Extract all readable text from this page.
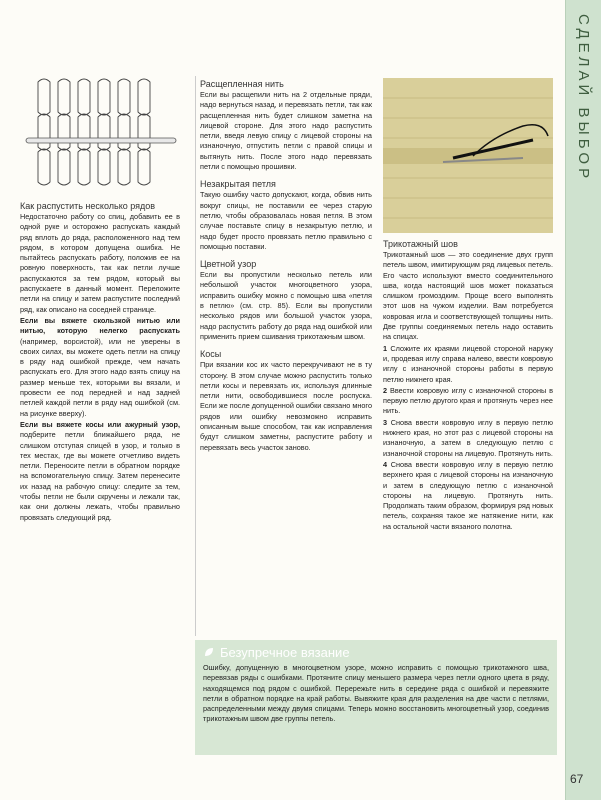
СДЕЛАЙ ВЫБОР

Как распустить несколько рядов

Недостаточно работу со спиц, добавить ее в одной руке и осторожно распускать каждый ряд вплоть до ряда, расположенного над тем рядом, в котором допущена ошибка. Не пытайтесь распускать работу, положив ее на ровную поверхность, так как петли лучше распускаются за тем рядом, который вы распускаете в данный момент. Переложите петли на спицу и затем распустите последний ряд, как описано на соседней странице.

Если вы вяжете скользкой нитью или нитью, которую нелегко распускать (например, ворсистой), или не уверены в своих силах, вы можете одеть петли на спицу в ряду над ошибкой прежде, чем начать распускать его. Для этого надо взять спицу на размер меньше тех, которыми вы вязали, и провести ее под передней и над задней петлей каждой петли в ряду над ошибкой (см. на рисунке вверху).

Если вы вяжете косы или ажурный узор, подберите петли ближайшего ряда, не слишком отступая спицей в узор, и только в тех местах, где вы можете отчетливо видеть петли. Переносите петли в обратном порядке на вспомогательную спицу. Затем перенесите их назад на рабочую спицу: следите за тем, чтобы петли не были скручены и лежали так, как они должны лежать, чтобы правильно провязать следующий ряд.

Расщепленная нить

Если вы расщепили нить на 2 отдельные пряди, надо вернуться назад, и перевязать петли, так как расщепленная нить будет слишком заметна на лицевой стороне. Для этого надо распустить петли, введя левую спицу с лицевой стороны на изнаночную, отпустить петли с правой спицы и вытянуть нить. После этого надо перевязать петли с помощью прошивки.

Незакрытая петля

Такую ошибку часто допускают, когда, обвив нить вокруг спицы, не поставили ее через старую петлю, чтобы образовалась новая петля. В этом случае поставьте спицу в незакрытую петлю, и надо будет просто провязать петлю правильно с помощью поставки.

Цветной узор

Если вы пропустили несколько петель или небольшой участок многоцветного узора, исправить ошибку можно с помощью шва «петля в петлю» (см. стр. 85). Если вы пропустили несколько рядов или большой участок узора, надо распустить работу до ряда над ошибкой или применить прием сшивания трикотажным швом.

Косы

При вязании кос их часто перекручивают не в ту сторону. В этом случае можно распустить только петли косы и перевязать их, используя длинные петли нити, освободившиеся после роспуска. Если же после допущенной ошибки связано много рядов или ошибку невозможно исправить описанным выше способом, так как исправления будут слишком заметны, распустите работу и перевязать весь участок заново.

Трикотажный шов

Трикотажный шов — это соединение двух групп петель швом, имитирующим ряд лицевых петель. Его часто используют вместо соединительного шва, когда настоящий шов может показаться слишком громоздким. Проще всего выполнять этот шов на чужом изделии. Вам потребуется ковровая игла и соответствующей толщины нить. Две группы соединяемых петель надо оставить на спицах.

1 Сложите их краями лицевой стороной наружу и, продевая иглу справа налево, ввести ковровую иглу с изнаночной стороны работы в первую петлю нижнего края.

2 Ввести ковровую иглу с изнаночной стороны в первую петлю другого края и протянуть через нее нить.

3 Снова ввести ковровую иглу в первую петлю нижнего края, но этот раз с лицевой стороны на изнаночную, а затем в следующую петлю с изнаночной стороны на лицевую. Протянуть нить.

4 Снова ввести ковровую иглу в первую петлю верхнего края с лицевой стороны на изнаночную и затем в следующую петлю с изнаночной стороны на лицевую. Протянуть нить. Продолжать таким образом, формируя ряд новых петель, сохраняя такое же натяжение нити, как на остальной части вязаного полотна.

Безупречное вязание
Ошибку, допущенную в многоцветном узоре, можно исправить с помощью трикотажного шва, перевязав ряды с ошибками. Протяните спицу меньшего размера через петли одного цвета в ряду, находящемся под рядом с ошибкой. Перережьте нить в середине ряда с ошибкой и перевяжите петли в обратном порядке на край работы. Вывяжите края для разделения на две части с петлями, распределенными между двумя спицами. Теперь можно восстановить многоцветный узор, соединив трикотажным швом две группы петель.
67
